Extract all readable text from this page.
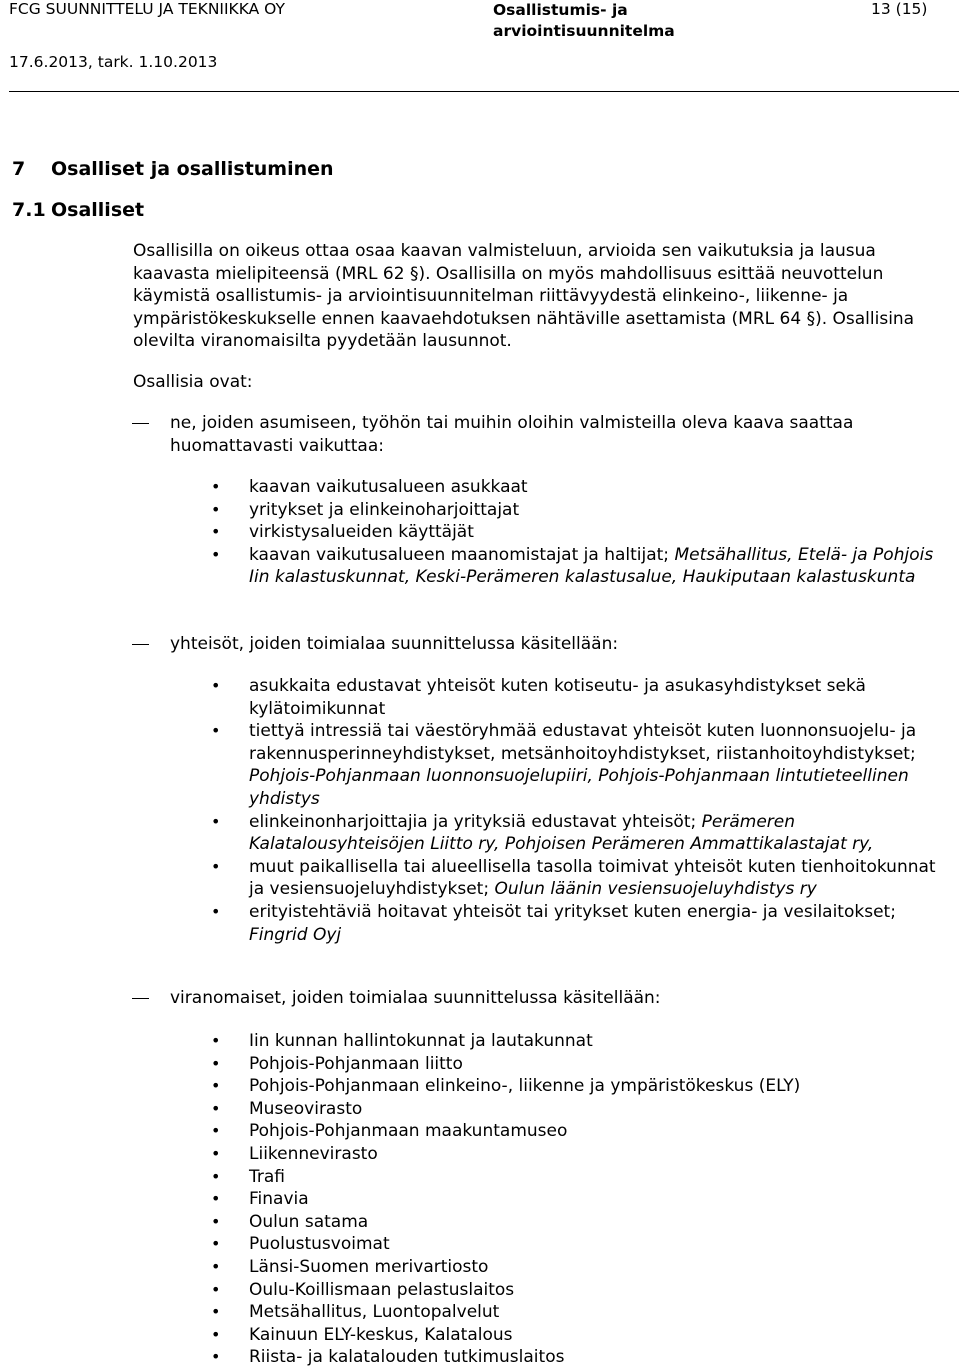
FCG SUUNNITTELU JA TEKNIIKKA OY	Osallistumis- ja arviointisuunnitelma
13 (15)
17.6.2013, tark. 1.10.2013
7 Osalliset ja osallistuminen
7.1 Osalliset
Osallisilla on oikeus ottaa osaa kaavan valmisteluun, arvioida sen vaikutuksia ja lausua kaavasta mielipiteensä (MRL 62 §). Osallisilla on myös mahdollisuus esittää neuvottelun käymistä osallistumis- ja arviointisuunnitelman riittävyydestä elinkeino-, liikenne- ja ympäristökeskukselle ennen kaavaehdotuksen nähtäville asettamista (MRL 64 §). Osallisina olevilta viranomaisilta pyydetään lausunnot.
Osallisia ovat:
ne, joiden asumiseen, työhön tai muihin oloihin valmisteilla oleva kaava saattaa huomattavasti vaikuttaa:
• kaavan vaikutusalueen asukkaat
• yritykset ja elinkeinoharjoittajat
• virkistysalueiden käyttäjät
• kaavan vaikutusalueen maanomistajat ja haltijat; Metsähallitus, Etelä- ja Pohjois Iin kalastuskunnat, Keski-Perämeren kalastusalue, Haukiputaan kalastuskunta
yhteisöt, joiden toimialaa suunnittelussa käsitellään:
• asukkaita edustavat yhteisöt kuten kotiseutu- ja asukasyhdistykset sekä kylätoimikunnat
• tiettyä intressiä tai väestöryhmää edustavat yhteisöt kuten luonnonsuojelu- ja rakennusperinneyhdistykset, metsänhoitoyhdistykset, riistanhoitoyhdistykset; Pohjois-Pohjanmaan luonnonsuojelupiiri, Pohjois-Pohjanmaan lintutieteellinen yhdistys
• elinkeinonharjoittajia ja yrityksiä edustavat yhteisöt; Perämeren Kalatalousyhteisöjen Liitto ry, Pohjoisen Perämeren Ammattikalastajat ry,
• muut paikallisella tai alueellisella tasolla toimivat yhteisöt kuten tienhoitokunnat ja vesiensuojeluyhdistykset; Oulun läänin vesiensuojeluyhdistys ry
• erityistehtäviä hoitavat yhteisöt tai yritykset kuten energia- ja vesilaitokset; Fingrid Oyj
viranomaiset, joiden toimialaa suunnittelussa käsitellään:
• Iin kunnan hallintokunnat ja lautakunnat
• Pohjois-Pohjanmaan liitto
• Pohjois-Pohjanmaan elinkeino-, liikenne ja ympäristökeskus (ELY)
• Museovirasto
• Pohjois-Pohjanmaan maakuntamuseo
• Liikennevirasto
• Trafi
• Finavia
• Oulun satama
• Puolustusvoimat
• Länsi-Suomen merivartiosto
• Oulu-Koillismaan pelastuslaitos
• Metsähallitus, Luontopalvelut
• Kainuun ELY-keskus, Kalatalous
• Riista- ja kalatalouden tutkimuslaitos
